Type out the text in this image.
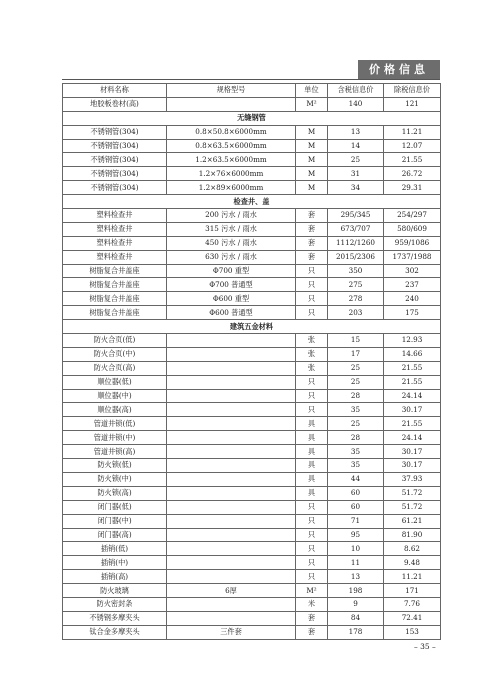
价格信息
材料名称	规格型号	单位	含税信息价	除税信息价
地胶板卷材(高)		M²	140	121
无缝钢管				
不锈钢管(304)	0.8×50.8×6000mm	M	13	11.21
不锈钢管(304)	0.8×63.5×6000mm	M	14	12.07
不锈钢管(304)	1.2×63.5×6000mm	M	25	21.55
不锈钢管(304)	1.2×76×6000mm	M	31	26.72
不锈钢管(304)	1.2×89×6000mm	M	34	29.31
检查井、盖				
塑料检查井	200 污水 / 雨水	套	295/345	254/297
塑料检查井	315 污水 / 雨水	套	673/707	580/609
塑料检查井	450 污水 / 雨水	套	1112/1260	959/1086
塑料检查井	630 污水 / 雨水	套	2015/2306	1737/1988
树脂复合井盖座	Φ700 重型	只	350	302
树脂复合井盖座	Φ700 普通型	只	275	237
树脂复合井盖座	Φ600 重型	只	278	240
树脂复合井盖座	Φ600 普通型	只	203	175
建筑五金材料				
防火合页(低)		张	15	12.93
防火合页(中)		张	17	14.66
防火合页(高)		张	25	21.55
顺位器(低)		只	25	21.55
顺位器(中)		只	28	24.14
顺位器(高)		只	35	30.17
管道井锁(低)		具	25	21.55
管道井锁(中)		具	28	24.14
管道井锁(高)		具	35	30.17
防火锁(低)		具	35	30.17
防火锁(中)		具	44	37.93
防火锁(高)		具	60	51.72
闭门器(低)		只	60	51.72
闭门器(中)		只	71	61.21
闭门器(高)		只	95	81.90
插销(低)		只	10	8.62
插销(中)		只	11	9.48
插销(高)		只	13	11.21
防火玻璃	6厚	M²	198	171
防火密封条		米	9	7.76
不锈钢多摩夹头		套	84	72.41
钛合金多摩夹头	三件套	套	178	153
– 35 –
